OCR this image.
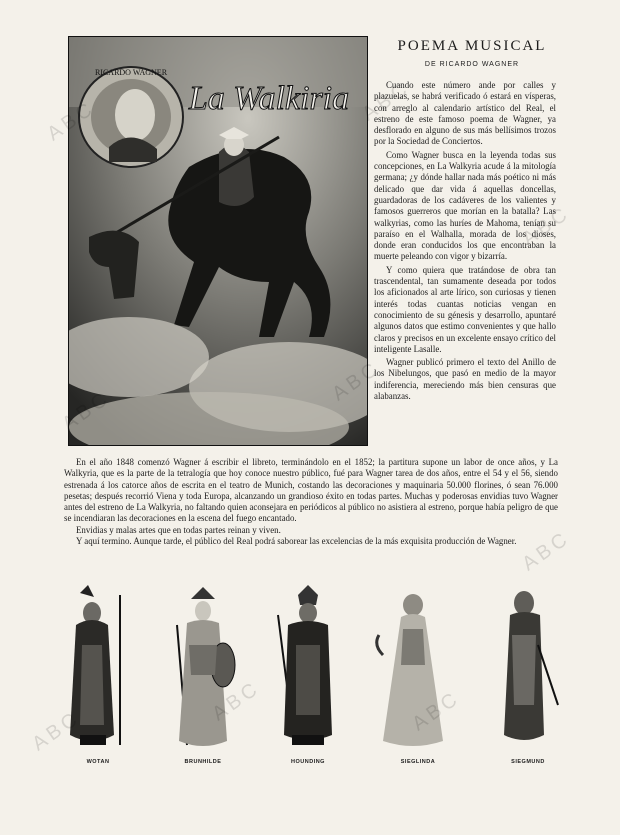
RICARDO WAGNER
La Walkiria
POEMA MUSICAL
DE RICARDO WAGNER

Cuando este número ande por calles y plazuelas, se habrá verificado ó estará en vísperas, con arreglo al calendario artístico del Real, el estreno de este famoso poema de Wagner, ya desflorado en alguno de sus más bellísimos trozos por la Sociedad de Conciertos.

Como Wagner busca en la leyenda todas sus concepciones, en La Walkyria acude á la mitología germana; ¿y dónde hallar nada más poético ni más delicado que dar vida á aquellas doncellas, guardadoras de los cadáveres de los valientes y famosos guerreros que morían en la batalla? Las walkyrias, como las huríes de Mahoma, tenían su paraíso en el Walhalla, morada de los dioses, donde eran conducidos los que encontraban la muerte peleando con vigor y bizarría.

Y como quiera que tratándose de obra tan trascendental, tan sumamente deseada por todos los aficionados al arte lírico, son curiosas y tienen interés todas cuantas noticias vengan en conocimiento de su génesis y desarrollo, apuntaré algunos datos que estimo convenientes y que hallo claros y precisos en un excelente ensayo crítico del inteligente Lasalle.

Wagner publicó primero el texto del Anillo de los Nibelungos, que pasó en medio de la mayor indiferencia, mereciendo más bien censuras que alabanzas.

En el año 1848 comenzó Wagner á escribir el libreto, terminándolo en el 1852; la partitura supone un labor de once años, y La Walkyria, que es la parte de la tetralogía que hoy conoce nuestro público, fué para Wagner tarea de dos años, entre el 54 y el 56, siendo estrenada á los catorce años de escrita en el teatro de Munich, costando las decoraciones y maquinaria 50.000 florines, ó sean 76.000 pesetas; después recorrió Viena y toda Europa, alcanzando un grandioso éxito en todas partes. Muchas y poderosas envidias tuvo Wagner antes del estreno de La Walkyria, no faltando quien aconsejara en periódicos al público no asistiera al estreno, porque había peligro de que se incendiaran las decoraciones en la escena del fuego encantado.

Envidias y malas artes que en todas partes reinan y viven.

Y aquí termino. Aunque tarde, el público del Real podrá saborear las excelencias de la más exquisita producción de Wagner.

WOTAN	BRUNHILDE	HOUNDING	SIEGLINDA	SIEGMUND
ABC
ABC
ABC
ABC
ABC
